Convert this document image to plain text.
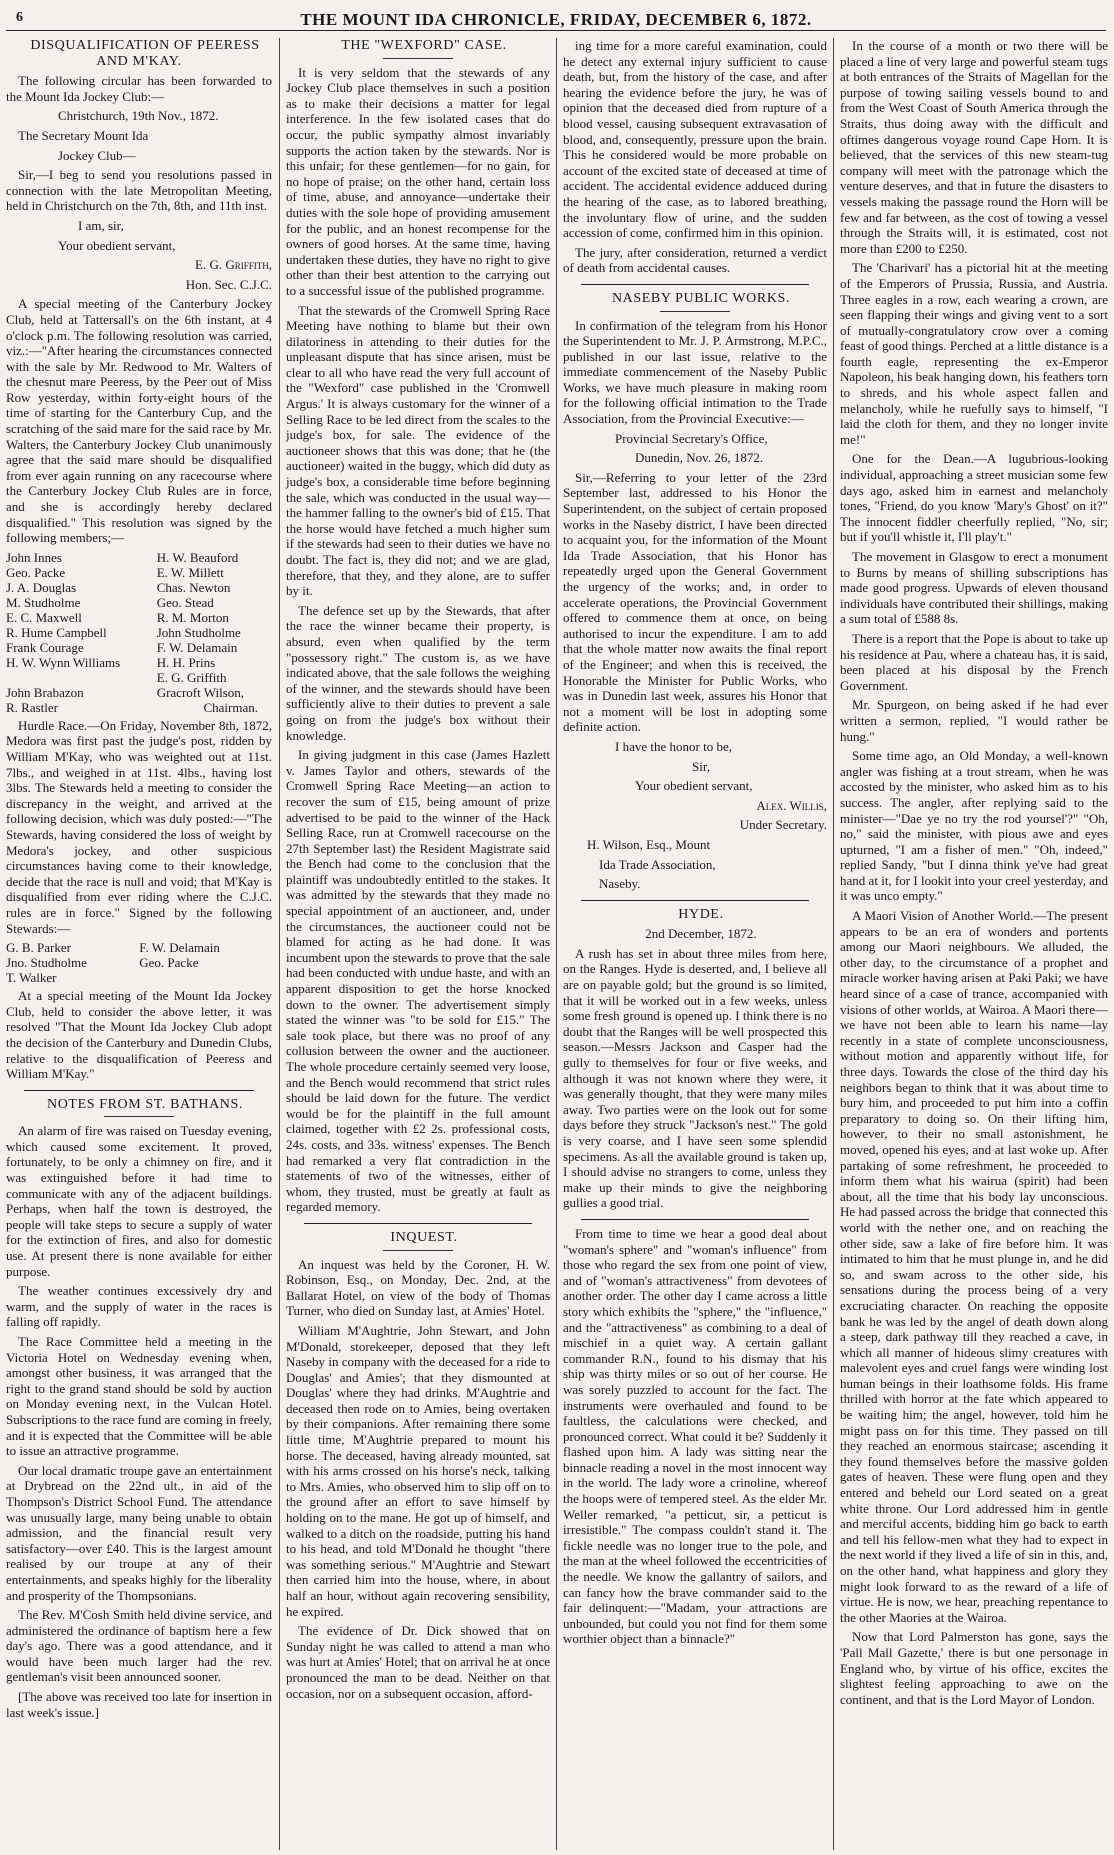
6	THE MOUNT IDA CHRONICLE, FRIDAY, DECEMBER 6, 1872.

DISQUALIFICATION OF PEERESS AND M'KAY.

The following circular has been forwarded to the Mount Ida Jockey Club:—

Christchurch, 19th Nov., 1872.

The Secretary Mount Ida

Jockey Club—

Sir,—I beg to send you resolutions passed in connection with the late Metropolitan Meeting, held in Christchurch on the 7th, 8th, and 11th inst.

I am, sir,

Your obedient servant,

E. G. Griffith,

Hon. Sec. C.J.C.

A special meeting of the Canterbury Jockey Club, held at Tattersall's on the 6th instant, at 4 o'clock p.m. The following resolution was carried, viz.:—"After hearing the circumstances connected with the sale by Mr. Redwood to Mr. Walters of the chesnut mare Peeress, by the Peer out of Miss Row yesterday, within forty-eight hours of the time of starting for the Canterbury Cup, and the scratching of the said mare for the said race by Mr. Walters, the Canterbury Jockey Club unanimously agree that the said mare should be disqualified from ever again running on any racecourse where the Canterbury Jockey Club Rules are in force, and she is accordingly hereby declared disqualified." This resolution was signed by the following members;—

John Innes	H. W. Beauford
Geo. Packe	E. W. Millett
J. A. Douglas	Chas. Newton
M. Studholme	Geo. Stead
E. C. Maxwell	R. M. Morton
R. Hume Campbell	John Studholme
Frank Courage	F. W. Delamain
H. W. Wynn Williams	H. H. Prins
	E. G. Griffith
John Brabazon	Gracroft Wilson,
R. Rastler	Chairman.

Hurdle Race.—On Friday, November 8th, 1872, Medora was first past the judge's post, ridden by William M'Kay, who was weighted out at 11st. 7lbs., and weighed in at 11st. 4lbs., having lost 3lbs. The Stewards held a meeting to consider the discrepancy in the weight, and arrived at the following decision, which was duly posted:—"The Stewards, having considered the loss of weight by Medora's jockey, and other suspicious circumstances having come to their knowledge, decide that the race is null and void; that M'Kay is disqualified from ever riding where the C.J.C. rules are in force." Signed by the following Stewards:—

G. B. Parker	F. W. Delamain
Jno. Studholme	Geo. Packe
T. Walker	

At a special meeting of the Mount Ida Jockey Club, held to consider the above letter, it was resolved "That the Mount Ida Jockey Club adopt the decision of the Canterbury and Dunedin Clubs, relative to the disqualification of Peeress and William M'Kay."

NOTES FROM ST. BATHANS.

An alarm of fire was raised on Tuesday evening, which caused some excitement. It proved, fortunately, to be only a chimney on fire, and it was extinguished before it had time to communicate with any of the adjacent buildings. Perhaps, when half the town is destroyed, the people will take steps to secure a supply of water for the extinction of fires, and also for domestic use. At present there is none available for either purpose.

The weather continues excessively dry and warm, and the supply of water in the races is falling off rapidly.

The Race Committee held a meeting in the Victoria Hotel on Wednesday evening when, amongst other business, it was arranged that the right to the grand stand should be sold by auction on Monday evening next, in the Vulcan Hotel. Subscriptions to the race fund are coming in freely, and it is expected that the Committee will be able to issue an attractive programme.

Our local dramatic troupe gave an entertainment at Drybread on the 22nd ult., in aid of the Thompson's District School Fund. The attendance was unusually large, many being unable to obtain admission, and the financial result very satisfactory—over £40. This is the largest amount realised by our troupe at any of their entertainments, and speaks highly for the liberality and prosperity of the Thompsonians.

The Rev. M'Cosh Smith held divine service, and administered the ordinance of baptism here a few day's ago. There was a good attendance, and it would have been much larger had the rev. gentleman's visit been announced sooner.

[The above was received too late for insertion in last week's issue.]

THE "WEXFORD" CASE.

It is very seldom that the stewards of any Jockey Club place themselves in such a position as to make their decisions a matter for legal interference. In the few isolated cases that do occur, the public sympathy almost invariably supports the action taken by the stewards. Nor is this unfair; for these gentlemen—for no gain, for no hope of praise; on the other hand, certain loss of time, abuse, and annoyance—undertake their duties with the sole hope of providing amusement for the public, and an honest recompense for the owners of good horses. At the same time, having undertaken these duties, they have no right to give other than their best attention to the carrying out to a successful issue of the published programme.

That the stewards of the Cromwell Spring Race Meeting have nothing to blame but their own dilatoriness in attending to their duties for the unpleasant dispute that has since arisen, must be clear to all who have read the very full account of the "Wexford" case published in the 'Cromwell Argus.' It is always customary for the winner of a Selling Race to be led direct from the scales to the judge's box, for sale. The evidence of the auctioneer shows that this was done; that he (the auctioneer) waited in the buggy, which did duty as judge's box, a considerable time before beginning the sale, which was conducted in the usual way—the hammer falling to the owner's bid of £15. That the horse would have fetched a much higher sum if the stewards had seen to their duties we have no doubt. The fact is, they did not; and we are glad, therefore, that they, and they alone, are to suffer by it.

The defence set up by the Stewards, that after the race the winner became their property, is absurd, even when qualified by the term "possessory right." The custom is, as we have indicated above, that the sale follows the weighing of the winner, and the stewards should have been sufficiently alive to their duties to prevent a sale going on from the judge's box without their knowledge.

In giving judgment in this case (James Hazlett v. James Taylor and others, stewards of the Cromwell Spring Race Meeting—an action to recover the sum of £15, being amount of prize advertised to be paid to the winner of the Hack Selling Race, run at Cromwell racecourse on the 27th September last) the Resident Magistrate said the Bench had come to the conclusion that the plaintiff was undoubtedly entitled to the stakes. It was admitted by the stewards that they made no special appointment of an auctioneer, and, under the circumstances, the auctioneer could not be blamed for acting as he had done. It was incumbent upon the stewards to prove that the sale had been conducted with undue haste, and with an apparent disposition to get the horse knocked down to the owner. The advertisement simply stated the winner was "to be sold for £15." The sale took place, but there was no proof of any collusion between the owner and the auctioneer. The whole procedure certainly seemed very loose, and the Bench would recommend that strict rules should be laid down for the future. The verdict would be for the plaintiff in the full amount claimed, together with £2 2s. professional costs, 24s. costs, and 33s. witness' expenses. The Bench had remarked a very flat contradiction in the statements of two of the witnesses, either of whom, they trusted, must be greatly at fault as regarded memory.

INQUEST.

An inquest was held by the Coroner, H. W. Robinson, Esq., on Monday, Dec. 2nd, at the Ballarat Hotel, on view of the body of Thomas Turner, who died on Sunday last, at Amies' Hotel.

William M'Aughtrie, John Stewart, and John M'Donald, storekeeper, deposed that they left Naseby in company with the deceased for a ride to Douglas' and Amies'; that they dismounted at Douglas' where they had drinks. M'Aughtrie and deceased then rode on to Amies, being overtaken by their companions. After remaining there some little time, M'Aughtrie prepared to mount his horse. The deceased, having already mounted, sat with his arms crossed on his horse's neck, talking to Mrs. Amies, who observed him to slip off on to the ground after an effort to save himself by holding on to the mane. He got up of himself, and walked to a ditch on the roadside, putting his hand to his head, and told M'Donald he thought "there was something serious." M'Aughtrie and Stewart then carried him into the house, where, in about half an hour, without again recovering sensibility, he expired.

The evidence of Dr. Dick showed that on Sunday night he was called to attend a man who was hurt at Amies' Hotel; that on arrival he at once pronounced the man to be dead. Neither on that occasion, nor on a subsequent occasion, afford-

ing time for a more careful examination, could he detect any external injury sufficient to cause death, but, from the history of the case, and after hearing the evidence before the jury, he was of opinion that the deceased died from rupture of a blood vessel, causing subsequent extravasation of blood, and, consequently, pressure upon the brain. This he considered would be more probable on account of the excited state of deceased at time of accident. The accidental evidence adduced during the hearing of the case, as to labored breathing, the involuntary flow of urine, and the sudden accession of come, confirmed him in this opinion.

The jury, after consideration, returned a verdict of death from accidental causes.

NASEBY PUBLIC WORKS.

In confirmation of the telegram from his Honor the Superintendent to Mr. J. P. Armstrong, M.P.C., published in our last issue, relative to the immediate commencement of the Naseby Public Works, we have much pleasure in making room for the following official intimation to the Trade Association, from the Provincial Executive:—

Provincial Secretary's Office,

Dunedin, Nov. 26, 1872.

Sir,—Referring to your letter of the 23rd September last, addressed to his Honor the Superintendent, on the subject of certain proposed works in the Naseby district, I have been directed to acquaint you, for the information of the Mount Ida Trade Association, that his Honor has repeatedly urged upon the General Government the urgency of the works; and, in order to accelerate operations, the Provincial Government offered to commence them at once, on being authorised to incur the expenditure. I am to add that the whole matter now awaits the final report of the Engineer; and when this is received, the Honorable the Minister for Public Works, who was in Dunedin last week, assures his Honor that not a moment will be lost in adopting some definite action.

I have the honor to be,

Sir,

Your obedient servant,

Alex. Willis,

Under Secretary.

H. Wilson, Esq., Mount

Ida Trade Association,

Naseby.

HYDE.

2nd December, 1872.

A rush has set in about three miles from here, on the Ranges. Hyde is deserted, and, I believe all are on payable gold; but the ground is so limited, that it will be worked out in a few weeks, unless some fresh ground is opened up. I think there is no doubt that the Ranges will be well prospected this season.—Messrs Jackson and Casper had the gully to themselves for four or five weeks, and although it was not known where they were, it was generally thought, that they were many miles away. Two parties were on the look out for some days before they struck "Jackson's nest." The gold is very coarse, and I have seen some splendid specimens. As all the available ground is taken up, I should advise no strangers to come, unless they make up their minds to give the neighboring gullies a good trial.

From time to time we hear a good deal about "woman's sphere" and "woman's influence" from those who regard the sex from one point of view, and of "woman's attractiveness" from devotees of another order. The other day I came across a little story which exhibits the "sphere," the "influence," and the "attractiveness" as combining to a deal of mischief in a quiet way. A certain gallant commander R.N., found to his dismay that his ship was thirty miles or so out of her course. He was sorely puzzled to account for the fact. The instruments were overhauled and found to be faultless, the calculations were checked, and pronounced correct. What could it be? Suddenly it flashed upon him. A lady was sitting near the binnacle reading a novel in the most innocent way in the world. The lady wore a crinoline, whereof the hoops were of tempered steel. As the elder Mr. Weller remarked, "a petticut, sir, a petticut is irresistible." The compass couldn't stand it. The fickle needle was no longer true to the pole, and the man at the wheel followed the eccentricities of the needle. We know the gallantry of sailors, and can fancy how the brave commander said to the fair delinquent:—"Madam, your attractions are unbounded, but could you not find for them some worthier object than a binnacle?"

In the course of a month or two there will be placed a line of very large and powerful steam tugs at both entrances of the Straits of Magellan for the purpose of towing sailing vessels bound to and from the West Coast of South America through the Straits, thus doing away with the difficult and oftimes dangerous voyage round Cape Horn. It is believed, that the services of this new steam-tug company will meet with the patronage which the venture deserves, and that in future the disasters to vessels making the passage round the Horn will be few and far between, as the cost of towing a vessel through the Straits will, it is estimated, cost not more than £200 to £250.

The 'Charivari' has a pictorial hit at the meeting of the Emperors of Prussia, Russia, and Austria. Three eagles in a row, each wearing a crown, are seen flapping their wings and giving vent to a sort of mutually-congratulatory crow over a coming feast of good things. Perched at a little distance is a fourth eagle, representing the ex-Emperor Napoleon, his beak hanging down, his feathers torn to shreds, and his whole aspect fallen and melancholy, while he ruefully says to himself, "I laid the cloth for them, and they no longer invite me!"

One for the Dean.—A lugubrious-looking individual, approaching a street musician some few days ago, asked him in earnest and melancholy tones, "Friend, do you know 'Mary's Ghost' on it?" The innocent fiddler cheerfully replied, "No, sir; but if you'll whistle it, I'll play't."

The movement in Glasgow to erect a monument to Burns by means of shilling subscriptions has made good progress. Upwards of eleven thousand individuals have contributed their shillings, making a sum total of £588 8s.

There is a report that the Pope is about to take up his residence at Pau, where a chateau has, it is said, been placed at his disposal by the French Government.

Mr. Spurgeon, on being asked if he had ever written a sermon, replied, "I would rather be hung."

Some time ago, an Old Monday, a well-known angler was fishing at a trout stream, when he was accosted by the minister, who asked him as to his success. The angler, after replying said to the minister—"Dae ye no try the rod yoursel'?" "Oh, no," said the minister, with pious awe and eyes upturned, "I am a fisher of men." "Oh, indeed," replied Sandy, "but I dinna think ye've had great hand at it, for I lookit into your creel yesterday, and it was unco empty."

A Maori Vision of Another World.—The present appears to be an era of wonders and portents among our Maori neighbours. We alluded, the other day, to the circumstance of a prophet and miracle worker having arisen at Paki Paki; we have heard since of a case of trance, accompanied with visions of other worlds, at Wairoa. A Maori there—we have not been able to learn his name—lay recently in a state of complete unconsciousness, without motion and apparently without life, for three days. Towards the close of the third day his neighbors began to think that it was about time to bury him, and proceeded to put him into a coffin preparatory to doing so. On their lifting him, however, to their no small astonishment, he moved, opened his eyes, and at last woke up. After partaking of some refreshment, he proceeded to inform them what his wairua (spirit) had been about, all the time that his body lay unconscious. He had passed across the bridge that connected this world with the nether one, and on reaching the other side, saw a lake of fire before him. It was intimated to him that he must plunge in, and he did so, and swam across to the other side, his sensations during the process being of a very excruciating character. On reaching the opposite bank he was led by the angel of death down along a steep, dark pathway till they reached a cave, in which all manner of hideous slimy creatures with malevolent eyes and cruel fangs were winding lost human beings in their loathsome folds. His frame thrilled with horror at the fate which appeared to be waiting him; the angel, however, told him he might pass on for this time. They passed on till they reached an enormous staircase; ascending it they found themselves before the massive golden gates of heaven. These were flung open and they entered and beheld our Lord seated on a great white throne. Our Lord addressed him in gentle and merciful accents, bidding him go back to earth and tell his fellow-men what they had to expect in the next world if they lived a life of sin in this, and, on the other hand, what happiness and glory they might look forward to as the reward of a life of virtue. He is now, we hear, preaching repentance to the other Maories at the Wairoa.

Now that Lord Palmerston has gone, says the 'Pall Mall Gazette,' there is but one personage in England who, by virtue of his office, excites the slightest feeling approaching to awe on the continent, and that is the Lord Mayor of London.
